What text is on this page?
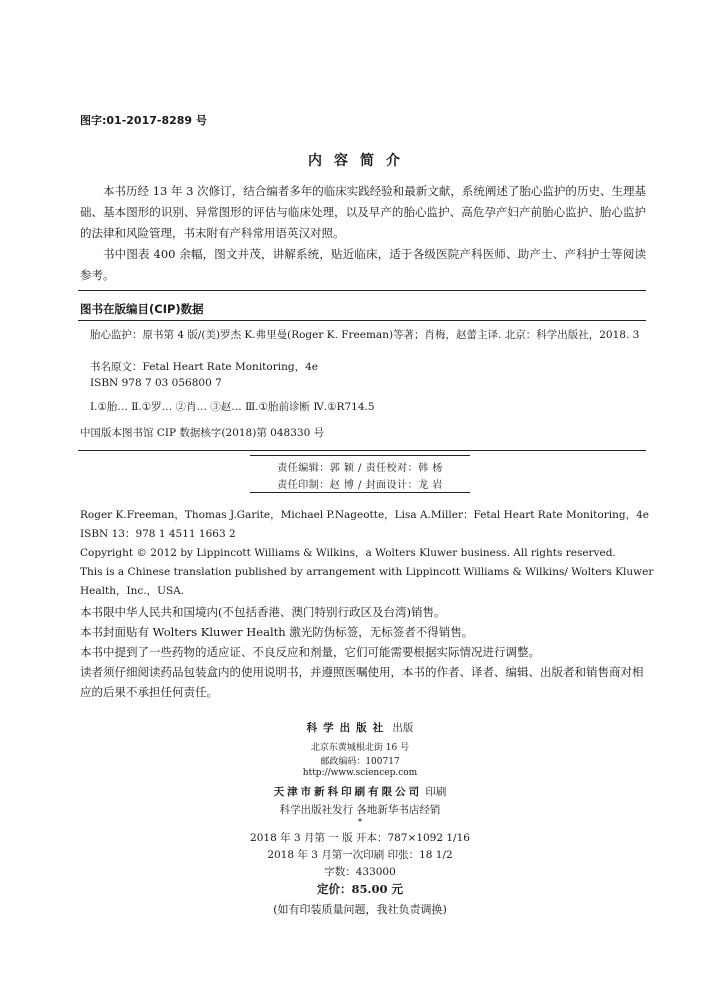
图字:01-2017-8289 号
内容简介
本书历经 13 年 3 次修订，结合编者多年的临床实践经验和最新文献，系统阐述了胎心监护的历史、生理基础、基本图形的识别、异常图形的评估与临床处理，以及早产的胎心监护、高危孕产妇产前胎心监护、胎心监护的法律和风险管理，书末附有产科常用语英汉对照。
书中图表 400 余幅，图文并茂，讲解系统，贴近临床，适于各级医院产科医师、助产士、产科护士等阅读参考。
图书在版编目(CIP)数据
胎心监护：原书第 4 版/(美)罗杰 K.弗里曼(Roger K. Freeman)等著；肖梅，赵蕾主译. 北京：科学出版社，2018. 3
书名原文：Fetal Heart Rate Monitoring，4e
ISBN 978 7 03 056800 7
Ⅰ.①胎… Ⅱ.①罗… ②肖… ③赵… Ⅲ.①胎前诊断 Ⅳ.①R714.5
中国版本图书馆 CIP 数据核字(2018)第 048330 号
责任编辑：郭 颖 / 责任校对：韩 杨
责任印制：赵 博 / 封面设计：龙 岩
Roger K.Freeman，Thomas J.Garite，Michael P.Nageotte，Lisa A.Miller：Fetal Heart Rate Monitoring，4e
ISBN 13：978 1 4511 1663 2
Copyright © 2012 by Lippincott Williams & Wilkins，a Wolters Kluwer business. All rights reserved.
This is a Chinese translation published by arrangement with Lippincott Williams & Wilkins/ Wolters Kluwer
Health，Inc.，USA.
本书限中华人民共和国境内(不包括香港、澳门特别行政区及台湾)销售。
本书封面贴有 Wolters Kluwer Health 激光防伪标签，无标签者不得销售。
本书中提到了一些药物的适应证、不良反应和剂量，它们可能需要根据实际情况进行调整。
读者须仔细阅读药品包装盒内的使用说明书，并遵照医嘱使用，本书的作者、译者、编辑、出版者和销售商对相应的后果不承担任何责任。
科学出版社 出版
北京东黄城根北街 16 号
邮政编码：100717
http://www.sciencep.com
天津市新科印刷有限公司 印刷
科学出版社发行 各地新华书店经销
*
2018 年 3 月第 一 版 开本：787×1092 1/16
2018 年 3 月第一次印刷 印张：18 1/2
字数：433000
定价：85.00 元
(如有印装质量问题，我社负责调换)
